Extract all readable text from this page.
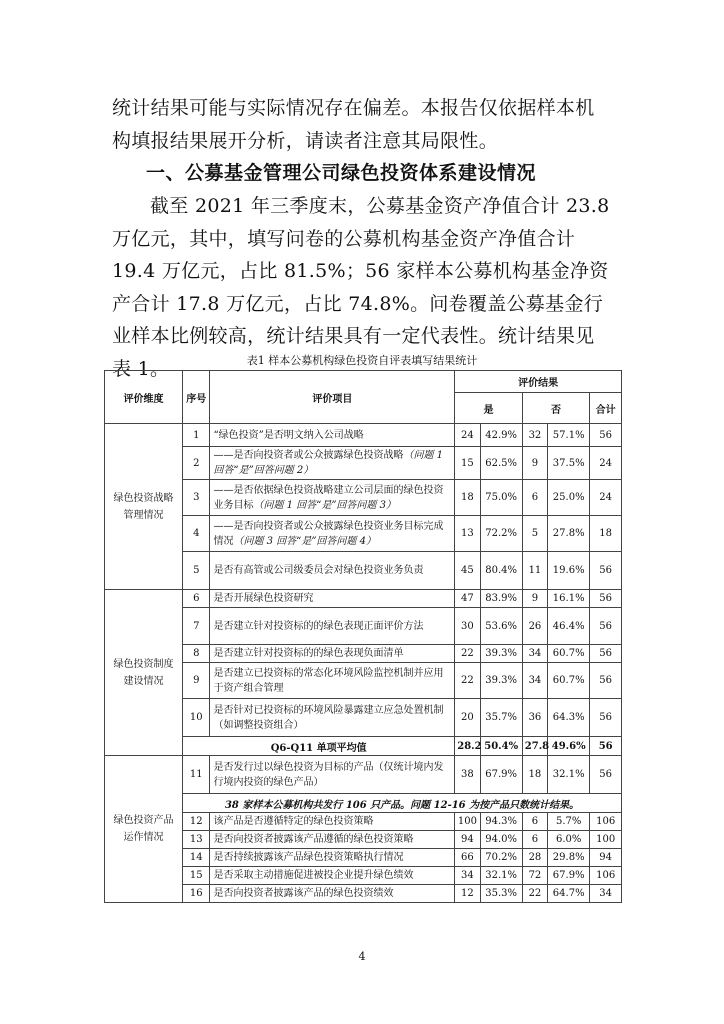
统计结果可能与实际情况存在偏差。本报告仅依据样本机构填报结果展开分析，请读者注意其局限性。

一、公募基金管理公司绿色投资体系建设情况

截至 2021 年三季度末，公募基金资产净值合计 23.8 万亿元，其中，填写问卷的公募机构基金资产净值合计 19.4 万亿元，占比 81.5%；56 家样本公募机构基金净资产合计 17.8 万亿元，占比 74.8%。问卷覆盖公募基金行业样本比例较高，统计结果具有一定代表性。统计结果见表 1。	表1 样本公募机构绿色投资自评表填写结果统计

评价维度	序号	评价项目	评价结果				
			是		否		合计
绿色投资战略管理情况	1	“绿色投资”是否明文纳入公司战略	24	42.9%	32	57.1%	56
	2	——是否向投资者或公众披露绿色投资战略（问题 1 回答“是”回答问题 2）	15	62.5%	9	37.5%	24
	3	——是否依据绿色投资战略建立公司层面的绿色投资业务目标（问题 1 回答“是”回答问题 3）	18	75.0%	6	25.0%	24
	4	——是否向投资者或公众披露绿色投资业务目标完成情况（问题 3 回答“是”回答问题 4）	13	72.2%	5	27.8%	18
	5	是否有高管或公司级委员会对绿色投资业务负责	45	80.4%	11	19.6%	56
绿色投资制度建设情况	6	是否开展绿色投资研究	47	83.9%	9	16.1%	56
	7	是否建立针对投资标的的绿色表现正面评价方法	30	53.6%	26	46.4%	56
	8	是否建立针对投资标的的绿色表现负面清单	22	39.3%	34	60.7%	56
	9	是否建立已投资标的常态化环境风险监控机制并应用于资产组合管理	22	39.3%	34	60.7%	56
	10	是否针对已投资标的环境风险暴露建立应急处置机制（如调整投资组合）	20	35.7%	36	64.3%	56
	Q6-Q11 单项平均值		28.2	50.4%	27.8	49.6%	56
绿色投资产品运作情况	11	是否发行过以绿色投资为目标的产品（仅统计境内发行境内投资的绿色产品）	38	67.9%	18	32.1%	56
	38 家样本公募机构共发行 106 只产品。问题 12-16 为按产品只数统计结果。						
	12	该产品是否遵循特定的绿色投资策略	100	94.3%	6	5.7%	106
	13	是否向投资者披露该产品遵循的绿色投资策略	94	94.0%	6	6.0%	100
	14	是否持续披露该产品绿色投资策略执行情况	66	70.2%	28	29.8%	94
	15	是否采取主动措施促进被投企业提升绿色绩效	34	32.1%	72	67.9%	106
	16	是否向投资者披露该产品的绿色投资绩效	12	35.3%	22	64.7%	34

4
